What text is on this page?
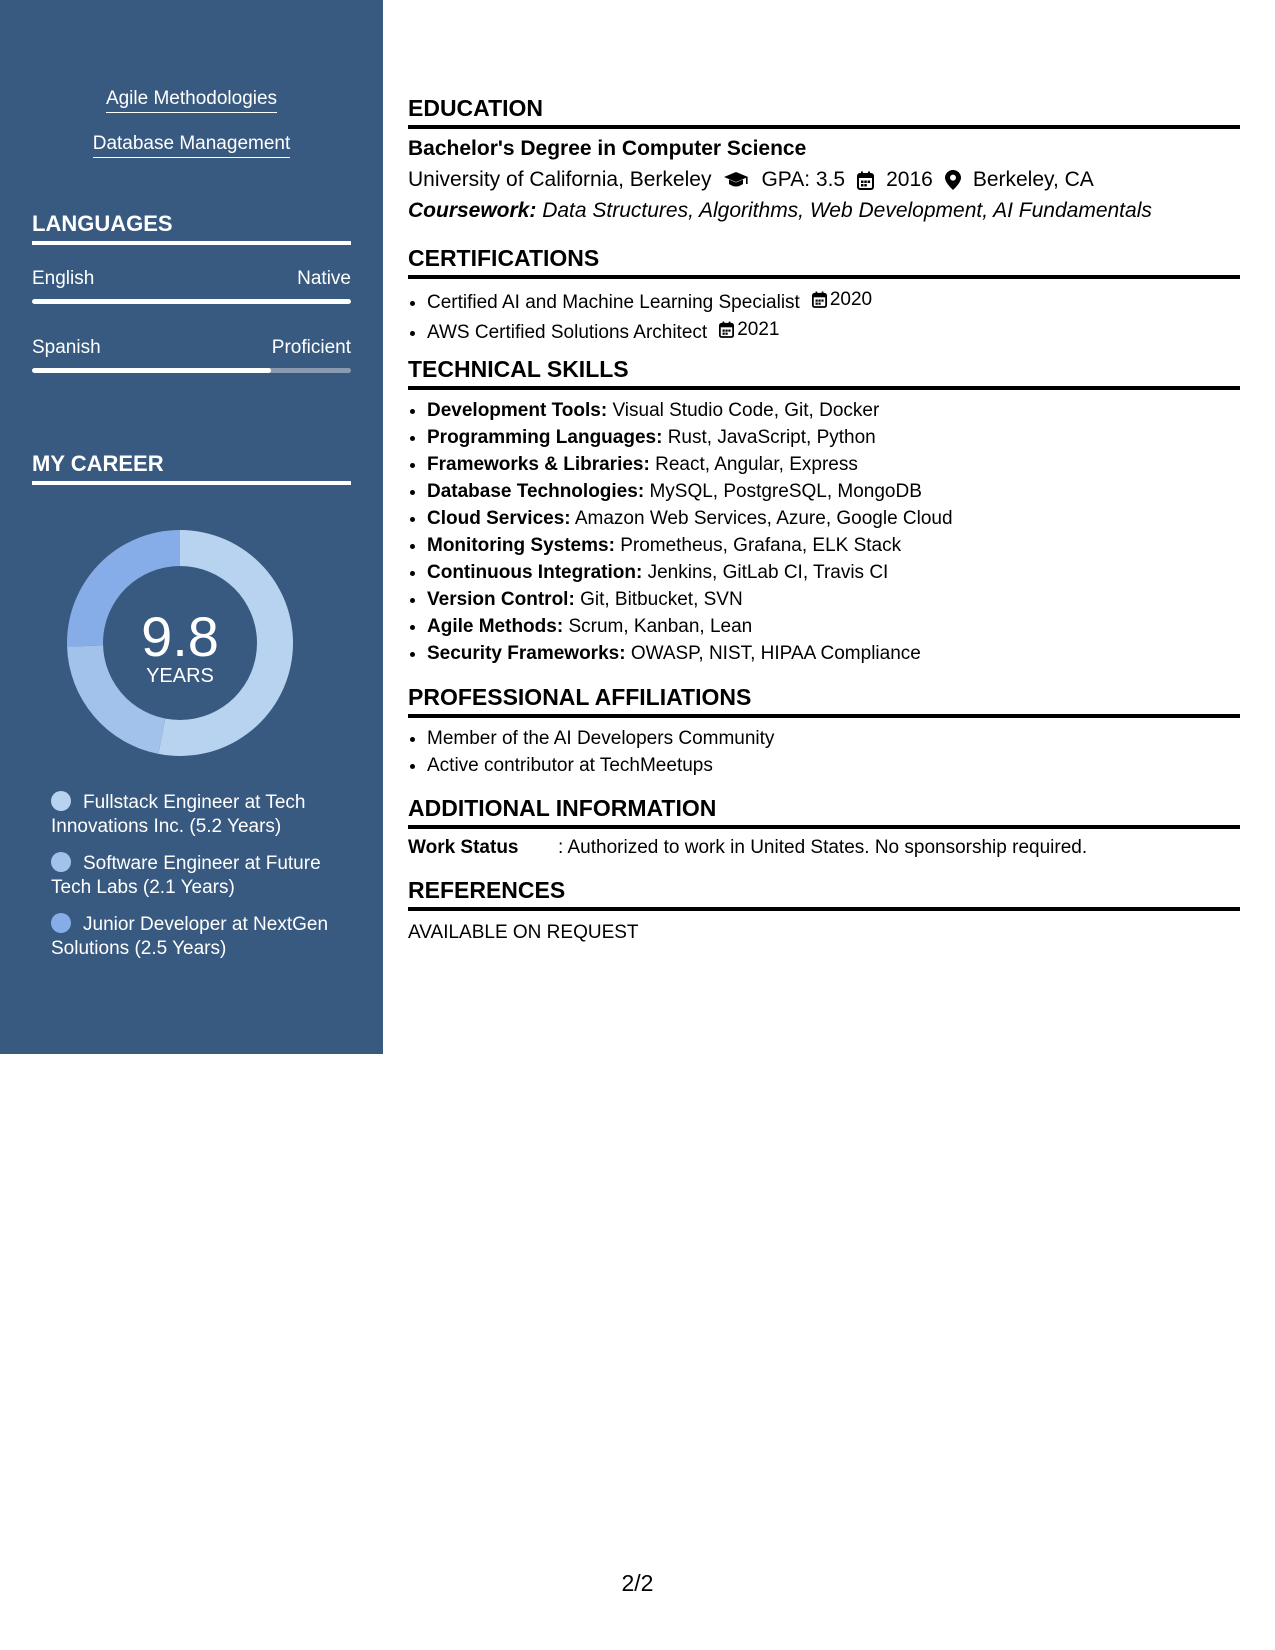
Agile Methodologies
Database Management
LANGUAGES
English	Native
Spanish	Proficient
MY CAREER
9.8
YEARS
Fullstack Engineer at Tech Innovations Inc. (5.2 Years)
Software Engineer at Future Tech Labs (2.1 Years)
Junior Developer at NextGen Solutions (2.5 Years)
EDUCATION
Bachelor's Degree in Computer Science
University of California, Berkeley GPA: 3.5 2016 Berkeley, CA
Coursework: Data Structures, Algorithms, Web Development, AI Fundamentals
CERTIFICATIONS
• Certified AI and Machine Learning Specialist 2020
• AWS Certified Solutions Architect 2021
TECHNICAL SKILLS
• Development Tools: Visual Studio Code, Git, Docker
• Programming Languages: Rust, JavaScript, Python
• Frameworks & Libraries: React, Angular, Express
• Database Technologies: MySQL, PostgreSQL, MongoDB
• Cloud Services: Amazon Web Services, Azure, Google Cloud
• Monitoring Systems: Prometheus, Grafana, ELK Stack
• Continuous Integration: Jenkins, GitLab CI, Travis CI
• Version Control: Git, Bitbucket, SVN
• Agile Methods: Scrum, Kanban, Lean
• Security Frameworks: OWASP, NIST, HIPAA Compliance
PROFESSIONAL AFFILIATIONS
• Member of the AI Developers Community
• Active contributor at TechMeetups
ADDITIONAL INFORMATION
Work Status : Authorized to work in United States. No sponsorship required.
REFERENCES
AVAILABLE ON REQUEST
2/2
